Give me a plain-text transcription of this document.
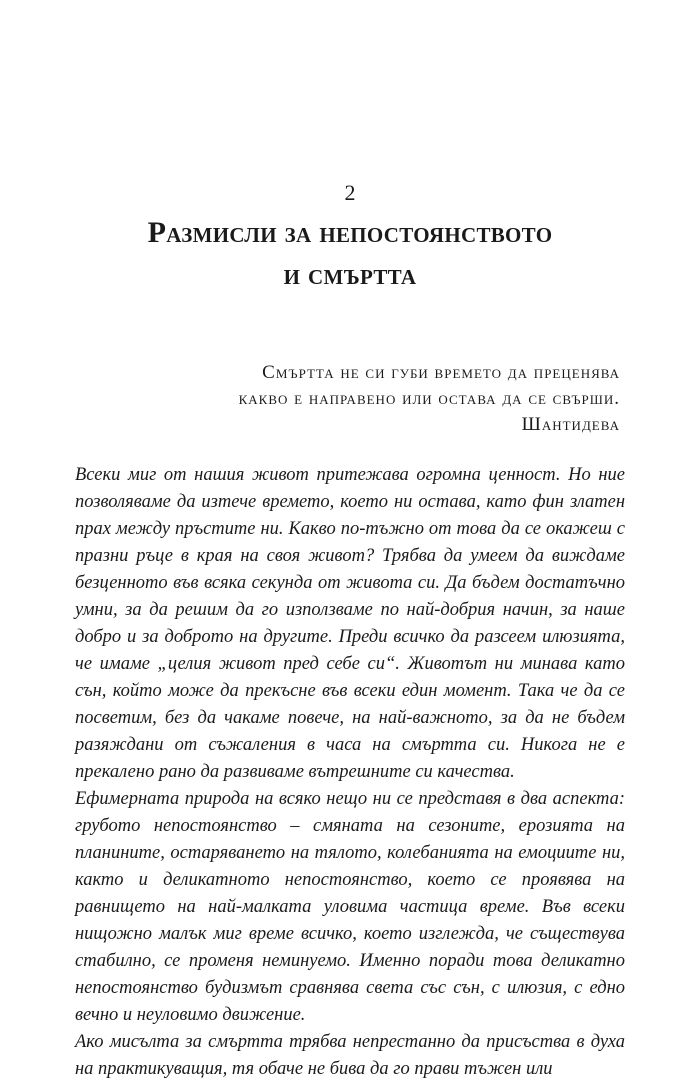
2
Размисли за непостоянството
и смъртта
Смъртта не си губи времето да преценява
какво е направено или остава да се свърши.
Шантидева

Всеки миг от нашия живот притежава огромна ценност. Но ние позволяваме да изтече времето, което ни остава, като фин златен прах между пръстите ни. Какво по-тъжно от това да се окажеш с празни ръце в края на своя живот? Трябва да умеем да виждаме безценното във всяка секунда от живота си. Да бъдем достатъчно умни, за да решим да го използваме по най-добрия начин, за наше добро и за доброто на другите. Преди всичко да разсеем илюзията, че имаме „целия живот пред себе си“. Животът ни минава като сън, който може да прекъсне във всеки един момент. Така че да се посветим, без да чакаме повече, на най-важното, за да не бъдем разяждани от съжаления в часа на смъртта си. Никога не е прекалено рано да развиваме вътрешните си качества.

Ефимерната природа на всяко нещо ни се представя в два аспекта: грубото непостоянство – смяната на сезоните, ерозията на планините, остаряването на тялото, колебанията на емоциите ни, както и деликатното непостоянство, което се проявява на равнището на най-малката уловима частица време. Във всеки нищожно малък миг време всичко, което изглежда, че съществува стабилно, се променя неминуемо. Именно поради това деликатно непостоянство будизмът сравнява света със сън, с илюзия, с едно вечно и неуловимо движение.

Ако мисълта за смъртта трябва непрестанно да присъства в духа на практикуващия, тя обаче не бива да го прави тъжен или
